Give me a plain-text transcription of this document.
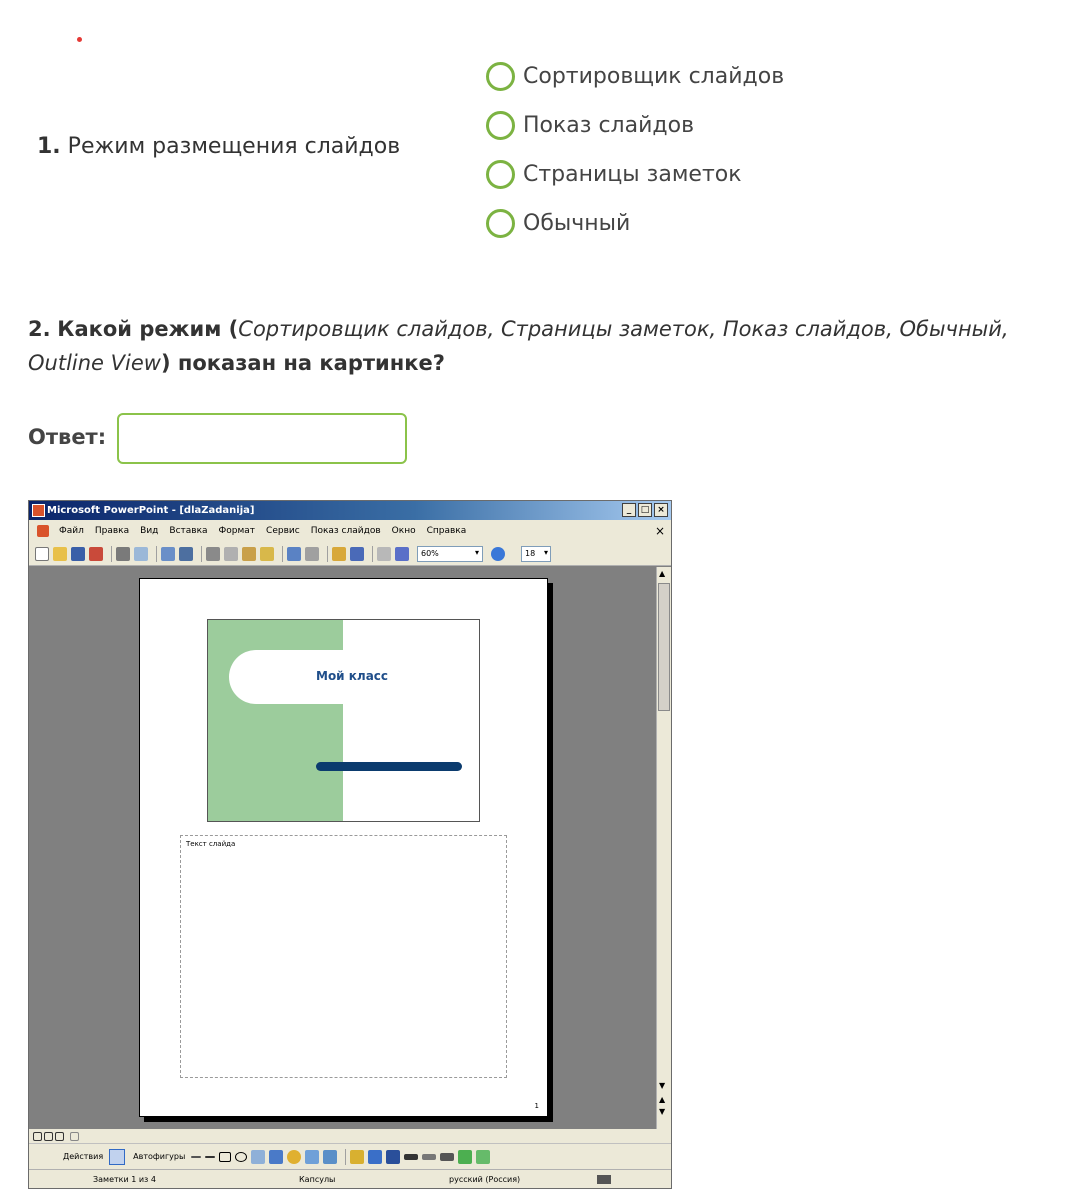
1. Режим размещения слайдов
Сортировщик слайдов
Показ слайдов
Страницы заметок
Обычный
2. Какой режим (Сортировщик слайдов, Страницы заметок, Показ слайдов, Обычный, Outline View) показан на картинке?
Ответ:
Microsoft PowerPoint - [dlaZadanija]	_	□ ×
Файл Правка Вид Вставка Формат Сервис Показ слайдов Окно Справка	×
60% ▾	18 ▾
Мой класс
Текст слайда
1
▲
▼
▲
▼
Действия	Автофигуры
Заметки 1 из 4	Капсулы	русский (Россия)
